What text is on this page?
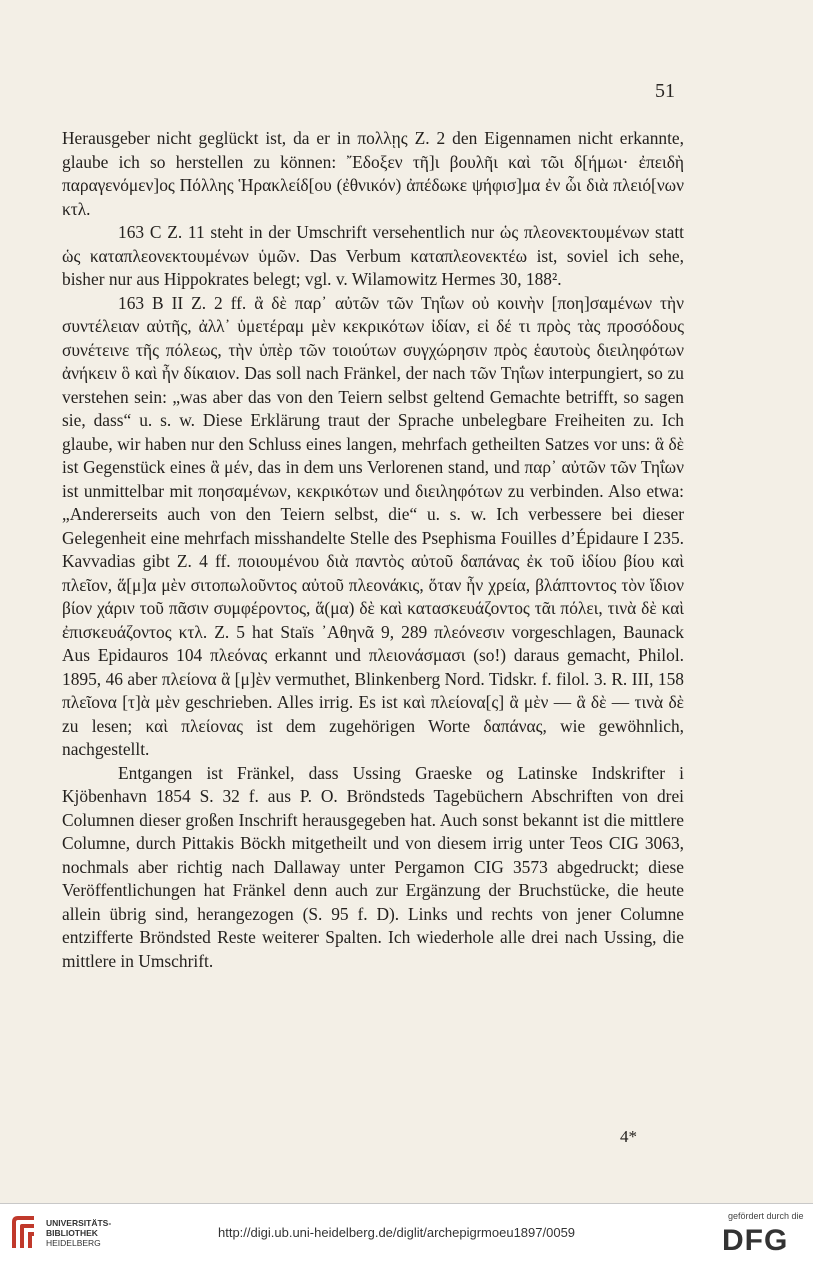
51

Herausgeber nicht geglückt ist, da er in πολλῃς Z. 2 den Eigennamen nicht erkannte, glaube ich so herstellen zu können: ῎Εδοξεν τῆ]ι βουλῆι καὶ τῶι δ[ήμωι· ἐπειδὴ παραγενόμεν]ος Πόλλης Ἡρακλείδ[ου (ἐθνικόν) ἀπέδωκε ψήφισ]μα ἐν ὧι διὰ πλειό[νων κτλ.

163 C Z. 11 steht in der Umschrift versehentlich nur ὡς πλεονεκτουμένων statt ὡς καταπλεονεκτουμένων ὑμῶν. Das Verbum καταπλεονεκτέω ist, soviel ich sehe, bisher nur aus Hippokrates belegt; vgl. v. Wilamowitz Hermes 30, 188².

163 B II Z. 2 ff. ἃ δὲ παρ᾽ αὐτῶν τῶν Τηΐων οὐ κοινὴν [ποη]σαμένων τὴν συντέλειαν αὐτῆς, ἀλλ᾽ ὑμετέραμ μὲν κεκρικότων ἰδίαν, εἰ δέ τι πρὸς τὰς προσόδους συνέτεινε τῆς πόλεως, τὴν ὑπὲρ τῶν τοιούτων συγχώρησιν πρὸς ἑαυτοὺς διειληφότων ἀνήκειν ὃ καὶ ἦν δίκαιον. Das soll nach Fränkel, der nach τῶν Τηΐων interpungiert, so zu verstehen sein: „was aber das von den Teiern selbst geltend Gemachte betrifft, so sagen sie, dass“ u. s. w. Diese Erklärung traut der Sprache unbelegbare Freiheiten zu. Ich glaube, wir haben nur den Schluss eines langen, mehrfach getheilten Satzes vor uns: ἃ δὲ ist Gegenstück eines ἃ μέν, das in dem uns Verlorenen stand, und παρ᾽ αὐτῶν τῶν Τηΐων ist unmittelbar mit ποησαμένων, κεκρικότων und διειληφότων zu verbinden. Also etwa: „Andererseits auch von den Teiern selbst, die“ u. s. w. Ich verbessere bei dieser Gelegenheit eine mehrfach misshandelte Stelle des Psephisma Fouilles d’Épidaure I 235. Kavvadias gibt Z. 4 ff. ποιουμένου διὰ παντὸς αὐτοῦ δαπάνας ἐκ τοῦ ἰδίου βίου καὶ πλεῖον, ἅ[μ]α μὲν σιτοπωλοῦντος αὐτοῦ πλεονάκις, ὅταν ἦν χρεία, βλάπτοντος τὸν ἴδιον βίον χάριν τοῦ πᾶσιν συμφέροντος, ἅ(μα) δὲ καὶ κατασκευάζοντος τᾶι πόλει, τινὰ δὲ καὶ ἐπισκευάζοντος κτλ. Z. 5 hat Staïs ᾿Αθηνᾶ 9, 289 πλεόνεσιν vorgeschlagen, Baunack Aus Epidauros 104 πλεόνας erkannt und πλειονάσμασι (so!) daraus gemacht, Philol. 1895, 46 aber πλείονα ἃ [μ]ὲν vermuthet, Blinkenberg Nord. Tidskr. f. filol. 3. R. III, 158 πλεῖονα [τ]ὰ μὲν geschrieben. Alles irrig. Es ist καὶ πλείονα[ς] ἃ μὲν — ἃ δὲ — τινὰ δὲ zu lesen; καὶ πλείονας ist dem zugehörigen Worte δαπάνας, wie gewöhnlich, nachgestellt.

Entgangen ist Fränkel, dass Ussing Graeske og Latinske Indskrifter i Kjöbenhavn 1854 S. 32 f. aus P. O. Bröndsteds Tagebüchern Abschriften von drei Columnen dieser großen Inschrift herausgegeben hat. Auch sonst bekannt ist die mittlere Columne, durch Pittakis Böckh mitgetheilt und von diesem irrig unter Teos CIG 3063, nochmals aber richtig nach Dallaway unter Pergamon CIG 3573 abgedruckt; diese Veröffentlichungen hat Fränkel denn auch zur Ergänzung der Bruchstücke, die heute allein übrig sind, herangezogen (S. 95 f. D). Links und rechts von jener Columne entzifferte Bröndsted Reste weiterer Spalten. Ich wiederhole alle drei nach Ussing, die mittlere in Umschrift.

4*
UNIVERSITÄTS-
BIBLIOTHEK
HEIDELBERG
http://digi.ub.uni-heidelberg.de/diglit/archepigrmoeu1897/0059
gefördert durch die
DFG
